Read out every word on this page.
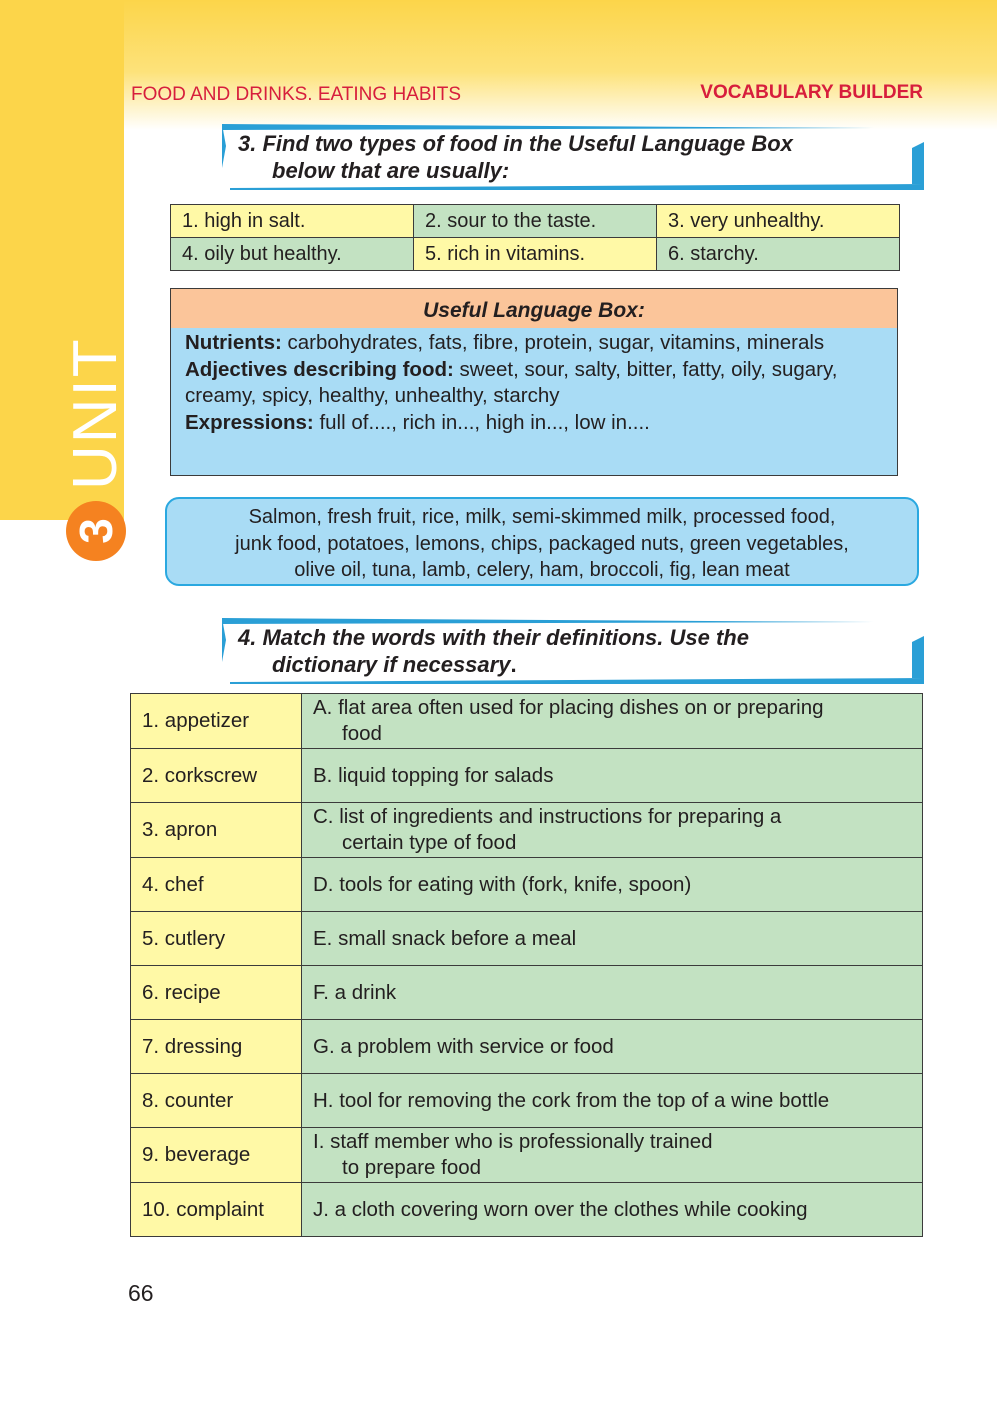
UNIT
3
FOOD AND DRINKS. EATING HABITS	VOCABULARY BUILDER
3. Find two types of food in the Useful Language Box
below that are usually:
1. high in salt.	2. sour to the taste.	3. very unhealthy.
4. oily but healthy.	5. rich in vitamins.	6. starchy.
Useful Language Box:
Nutrients: carbohydrates, fats, fibre, protein, sugar, vitamins, minerals
Adjectives describing food: sweet, sour, salty, bitter, fatty, oily, sugary, creamy, spicy, healthy, unhealthy, starchy
Expressions: full of...., rich in..., high in..., low in....
Salmon, fresh fruit, rice, milk, semi-skimmed milk, processed food,
junk food, potatoes, lemons, chips, packaged nuts, green vegetables,
olive oil, tuna, lamb, celery, ham, broccoli, fig, lean meat
4. Match the words with their definitions. Use the
dictionary if necessary.
1. appetizer	A. flat area often used for placing dishes on or preparing
food

2. corkscrew	B. liquid topping for salads

3. apron	C. list of ingredients and instructions for preparing a
certain type of food

4. chef	D. tools for eating with (fork, knife, spoon)

5. cutlery	E. small snack before a meal

6. recipe	F. a drink

7. dressing	G. a problem with service or food

8. counter	H. tool for removing the cork from the top of a wine bottle

9. beverage	I. staff member who is professionally trained
to prepare food

10. complaint	J. a cloth covering worn over the clothes while cooking
66
